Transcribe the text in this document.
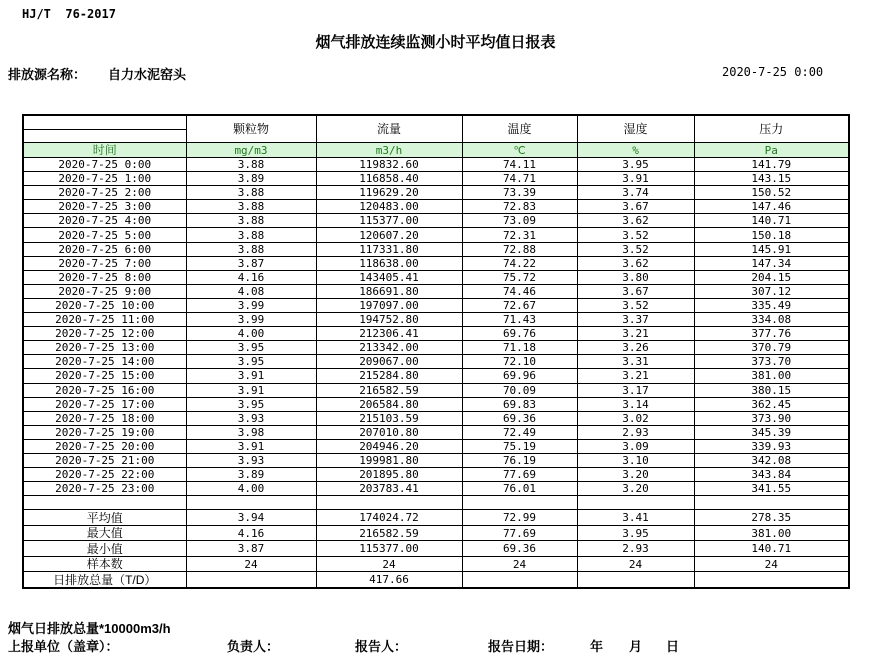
HJ/T  76-2017
烟气排放连续监测小时平均值日报表
排放源名称： 自力水泥窑头	2020-7-25 0:00
	颗粒物	流量	温度	湿度	压力

时间	mg/m3	m3/h	℃	%	Pa
2020-7-25 0:00	3.88	119832.60	74.11	3.95	141.79
2020-7-25 1:00	3.89	116858.40	74.71	3.91	143.15
2020-7-25 2:00	3.88	119629.20	73.39	3.74	150.52
2020-7-25 3:00	3.88	120483.00	72.83	3.67	147.46
2020-7-25 4:00	3.88	115377.00	73.09	3.62	140.71
2020-7-25 5:00	3.88	120607.20	72.31	3.52	150.18
2020-7-25 6:00	3.88	117331.80	72.88	3.52	145.91
2020-7-25 7:00	3.87	118638.00	74.22	3.62	147.34
2020-7-25 8:00	4.16	143405.41	75.72	3.80	204.15
2020-7-25 9:00	4.08	186691.80	74.46	3.67	307.12
2020-7-25 10:00	3.99	197097.00	72.67	3.52	335.49
2020-7-25 11:00	3.99	194752.80	71.43	3.37	334.08
2020-7-25 12:00	4.00	212306.41	69.76	3.21	377.76
2020-7-25 13:00	3.95	213342.00	71.18	3.26	370.79
2020-7-25 14:00	3.95	209067.00	72.10	3.31	373.70
2020-7-25 15:00	3.91	215284.80	69.96	3.21	381.00
2020-7-25 16:00	3.91	216582.59	70.09	3.17	380.15
2020-7-25 17:00	3.95	206584.80	69.83	3.14	362.45
2020-7-25 18:00	3.93	215103.59	69.36	3.02	373.90
2020-7-25 19:00	3.98	207010.80	72.49	2.93	345.39
2020-7-25 20:00	3.91	204946.20	75.19	3.09	339.93
2020-7-25 21:00	3.93	199981.80	76.19	3.10	342.08
2020-7-25 22:00	3.89	201895.80	77.69	3.20	343.84
2020-7-25 23:00	4.00	203783.41	76.01	3.20	341.55

平均值	3.94	174024.72	72.99	3.41	278.35
最大值	4.16	216582.59	77.69	3.95	381.00
最小值	3.87	115377.00	69.36	2.93	140.71
样本数	24	24	24	24	24
日排放总量（T/D）		417.66			
烟气日排放总量*10000m3/h
上报单位（盖章）：	负责人：	报告人：	报告日期：	年 月 日
